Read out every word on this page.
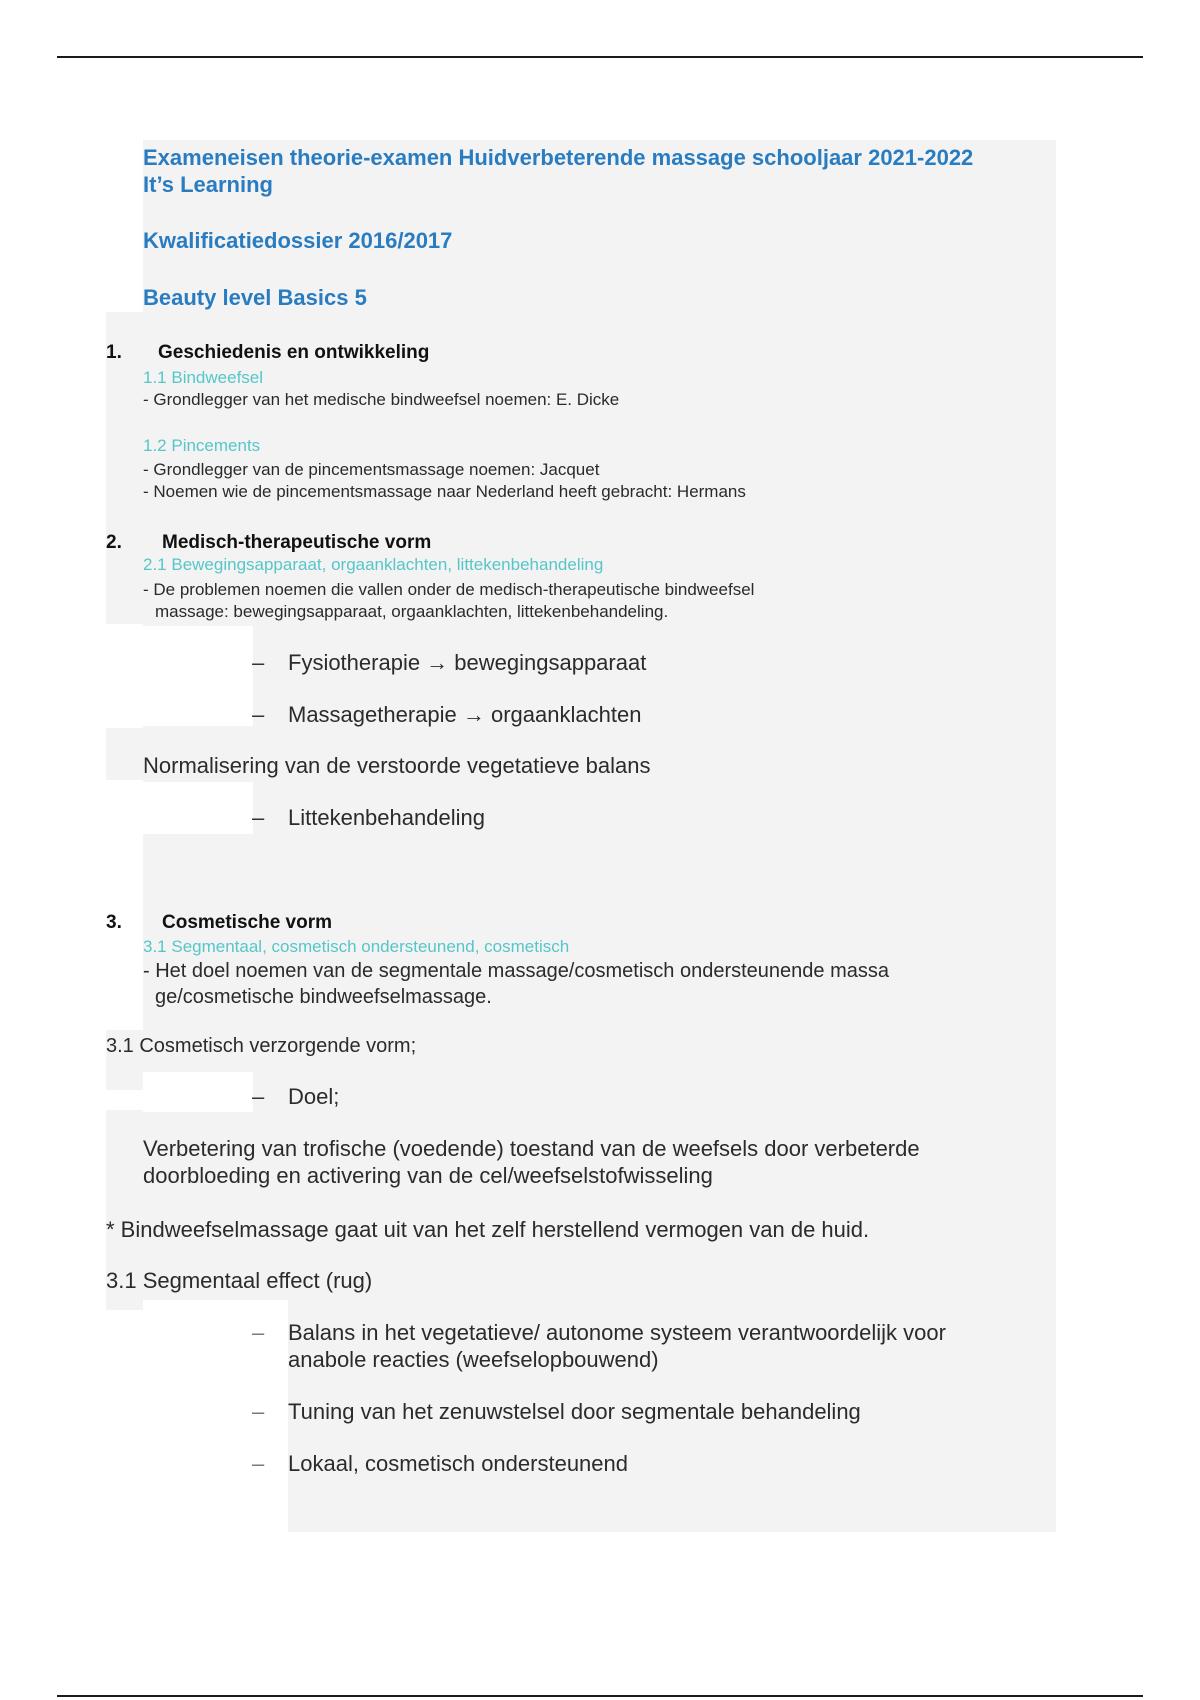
Exameneisen theorie-examen Huidverbeterende massage schooljaar 2021-2022
It’s Learning
Kwalificatiedossier 2016/2017
Beauty level Basics 5
1. Geschiedenis en ontwikkeling
1.1 Bindweefsel
- Grondlegger van het medische bindweefsel noemen: E. Dicke
1.2 Pincements
- Grondlegger van de pincementsmassage noemen: Jacquet
- Noemen wie de pincementsmassage naar Nederland heeft gebracht: Hermans
2. Medisch-therapeutische vorm
2.1 Bewegingsapparaat, orgaanklachten, littekenbehandeling
- De problemen noemen die vallen onder de medisch-therapeutische bindweefsel
massage: bewegingsapparaat, orgaanklachten, littekenbehandeling.
– Fysiotherapie → bewegingsapparaat
– Massagetherapie → orgaanklachten
Normalisering van de verstoorde vegetatieve balans
– Littekenbehandeling
3. Cosmetische vorm
3.1 Segmentaal, cosmetisch ondersteunend, cosmetisch
- Het doel noemen van de segmentale massage/cosmetisch ondersteunende massa
ge/cosmetische bindweefselmassage.
3.1 Cosmetisch verzorgende vorm;
– Doel;
Verbetering van trofische (voedende) toestand van de weefsels door verbeterde
doorbloeding en activering van de cel/weefselstofwisseling
* Bindweefselmassage gaat uit van het zelf herstellend vermogen van de huid.
3.1 Segmentaal effect (rug)
– Balans in het vegetatieve/ autonome systeem verantwoordelijk voor
anabole reacties (weefselopbouwend)
– Tuning van het zenuwstelsel door segmentale behandeling
– Lokaal, cosmetisch ondersteunend
